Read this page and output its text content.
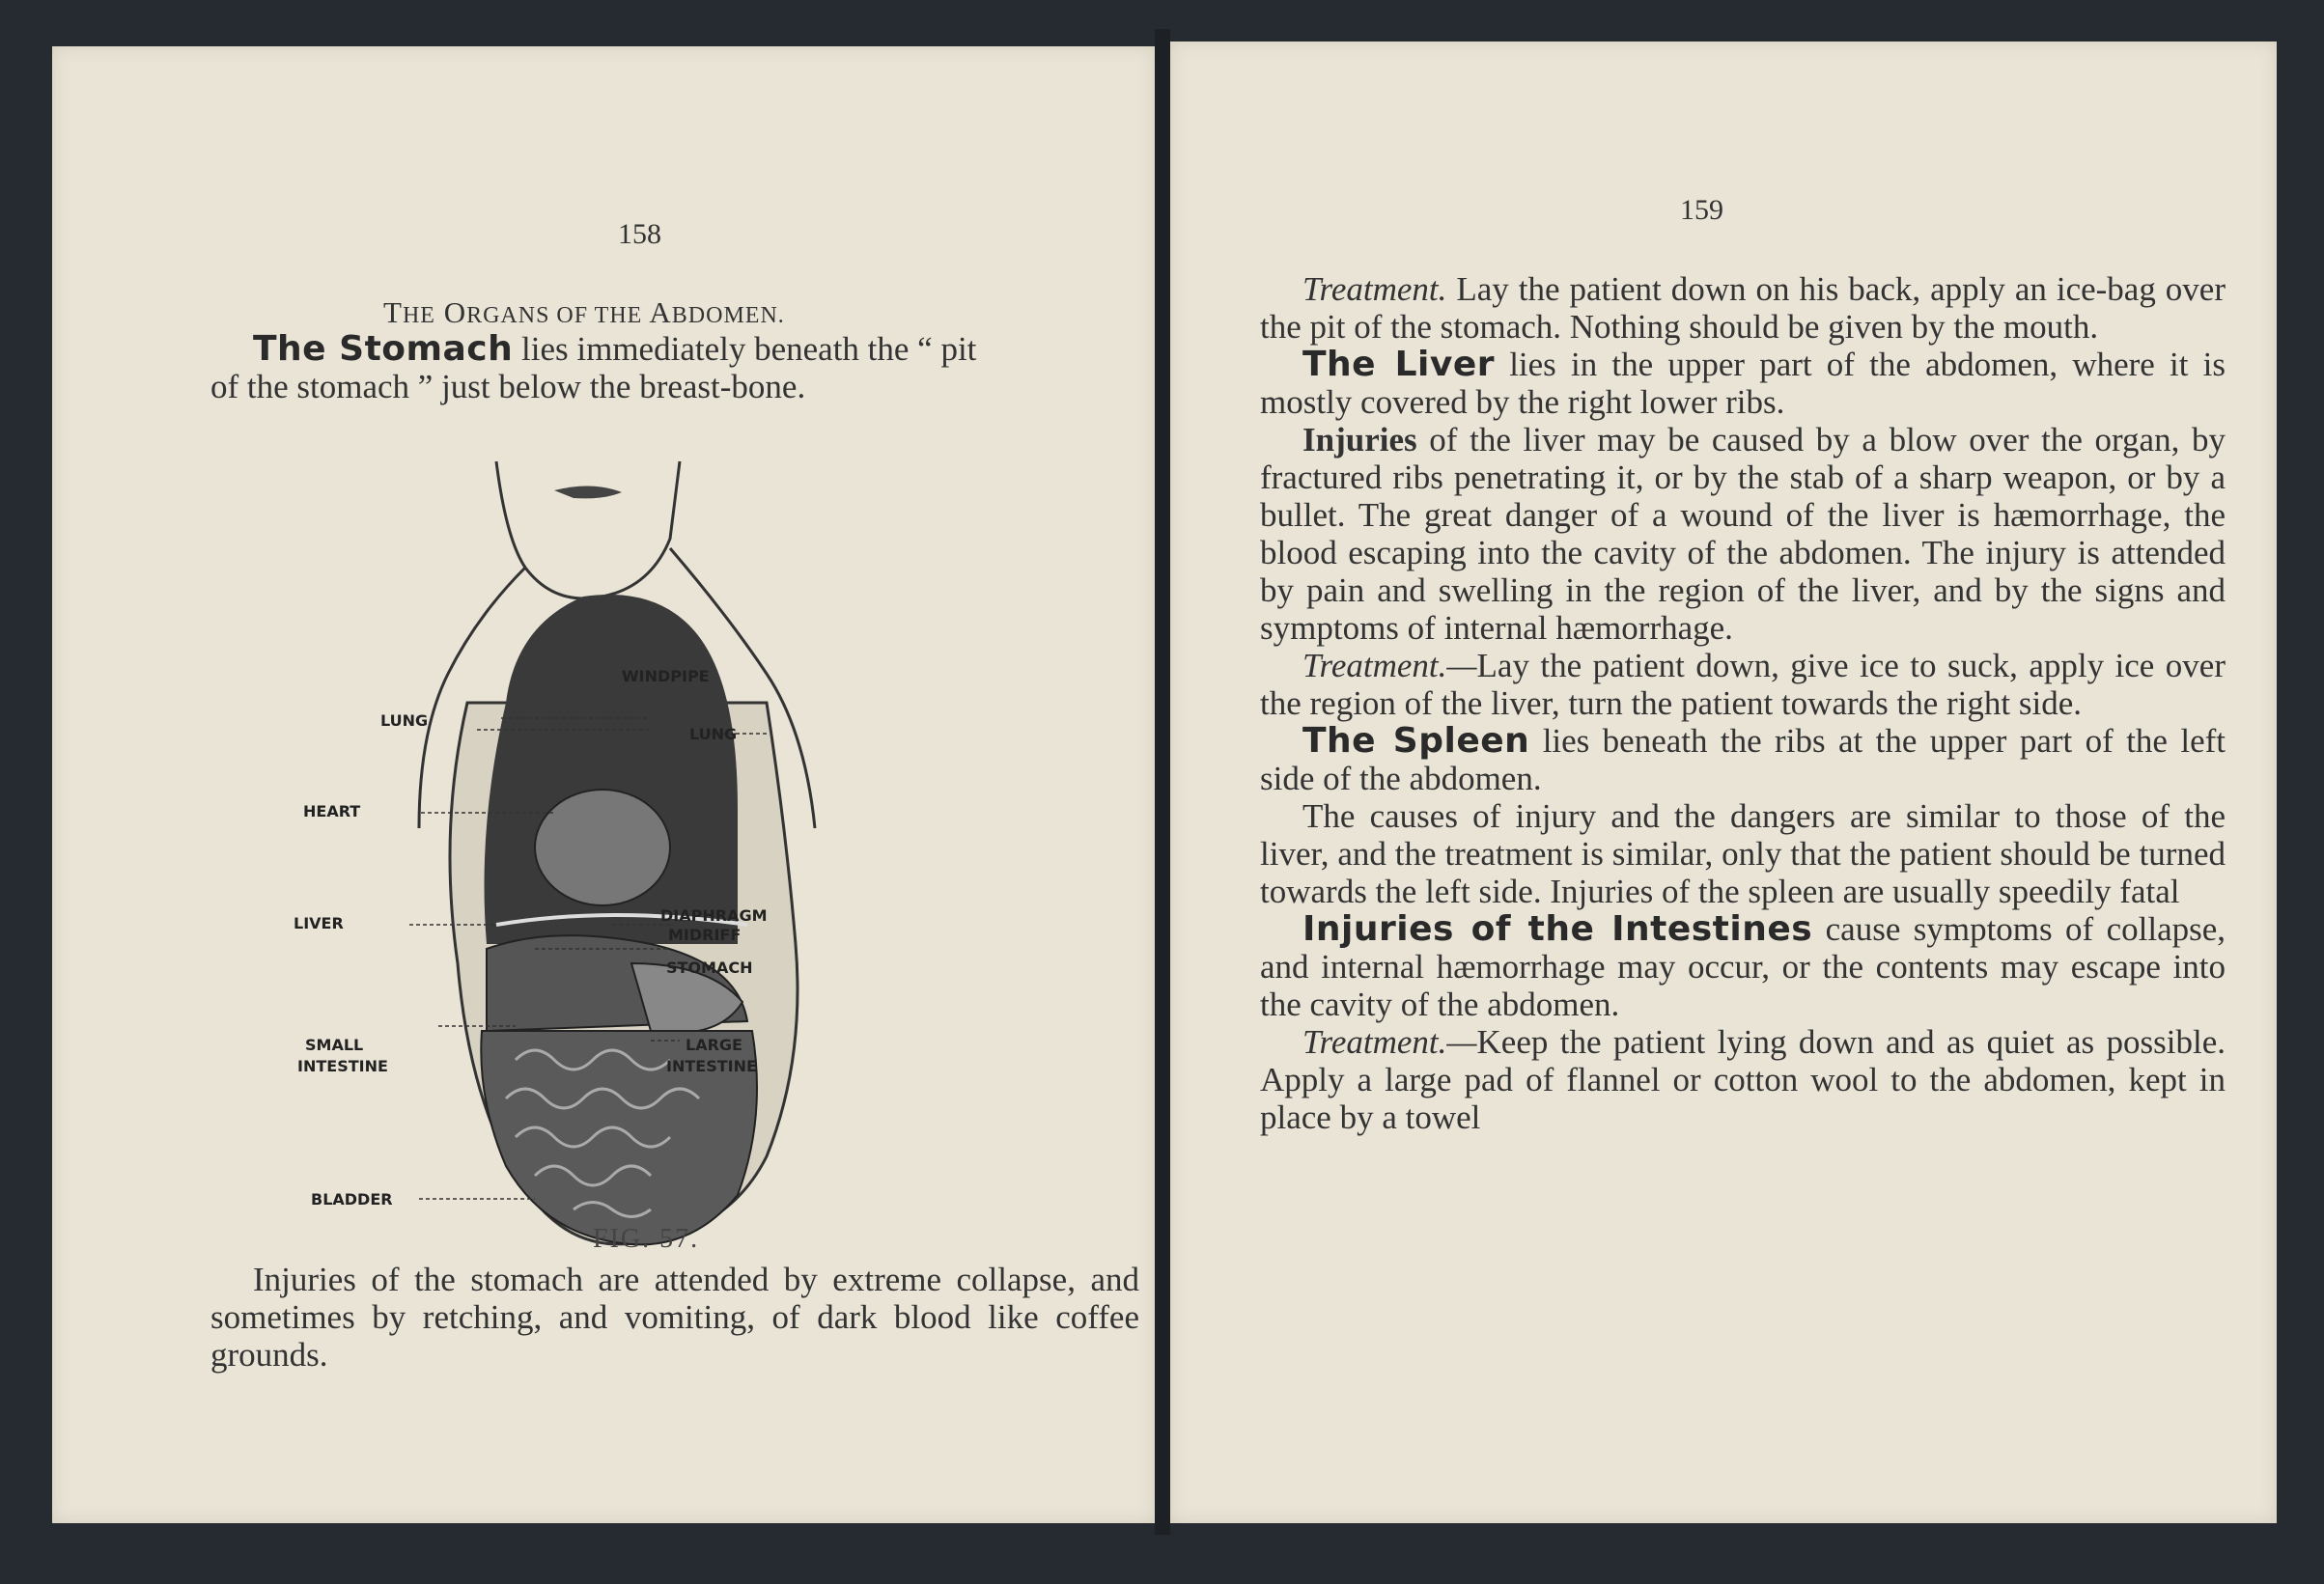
158
THE ORGANS OF THE ABDOMEN.

The Stomach lies immediately beneath the “ pit

of the stomach ” just below the breast-bone.

WINDPIPE
LUNG
LUNG
HEART
DIAPHRAGM
MIDRIFF
LIVER
STOMACH
SMALL
INTESTINE
LARGE
INTESTINE
BLADDER
FIG. 57.

Injuries of the stomach are attended by extreme collapse, and sometimes by retching, and vomiting, of dark blood like coffee grounds.

159

Treatment. Lay the patient down on his back, apply an ice-bag over the pit of the stomach. Nothing should be given by the mouth.

The Liver lies in the upper part of the abdomen, where it is mostly covered by the right lower ribs.

Injuries of the liver may be caused by a blow over the organ, by fractured ribs penetrating it, or by the stab of a sharp weapon, or by a bullet. The great danger of a wound of the liver is hæmorrhage, the blood escaping into the cavity of the abdomen. The injury is attended by pain and swelling in the region of the liver, and by the signs and symptoms of internal hæmorrhage.

Treatment.—Lay the patient down, give ice to suck, apply ice over the region of the liver, turn the patient towards the right side.

The Spleen lies beneath the ribs at the upper part of the left side of the abdomen.

The causes of injury and the dangers are similar to those of the liver, and the treatment is similar, only that the patient should be turned towards the left side. Injuries of the spleen are usually speedily fatal

Injuries of the Intestines cause symptoms of collapse, and internal hæmorrhage may occur, or the contents may escape into the cavity of the abdomen.

Treatment.—Keep the patient lying down and as quiet as possible. Apply a large pad of flannel or cotton wool to the abdomen, kept in place by a towel
